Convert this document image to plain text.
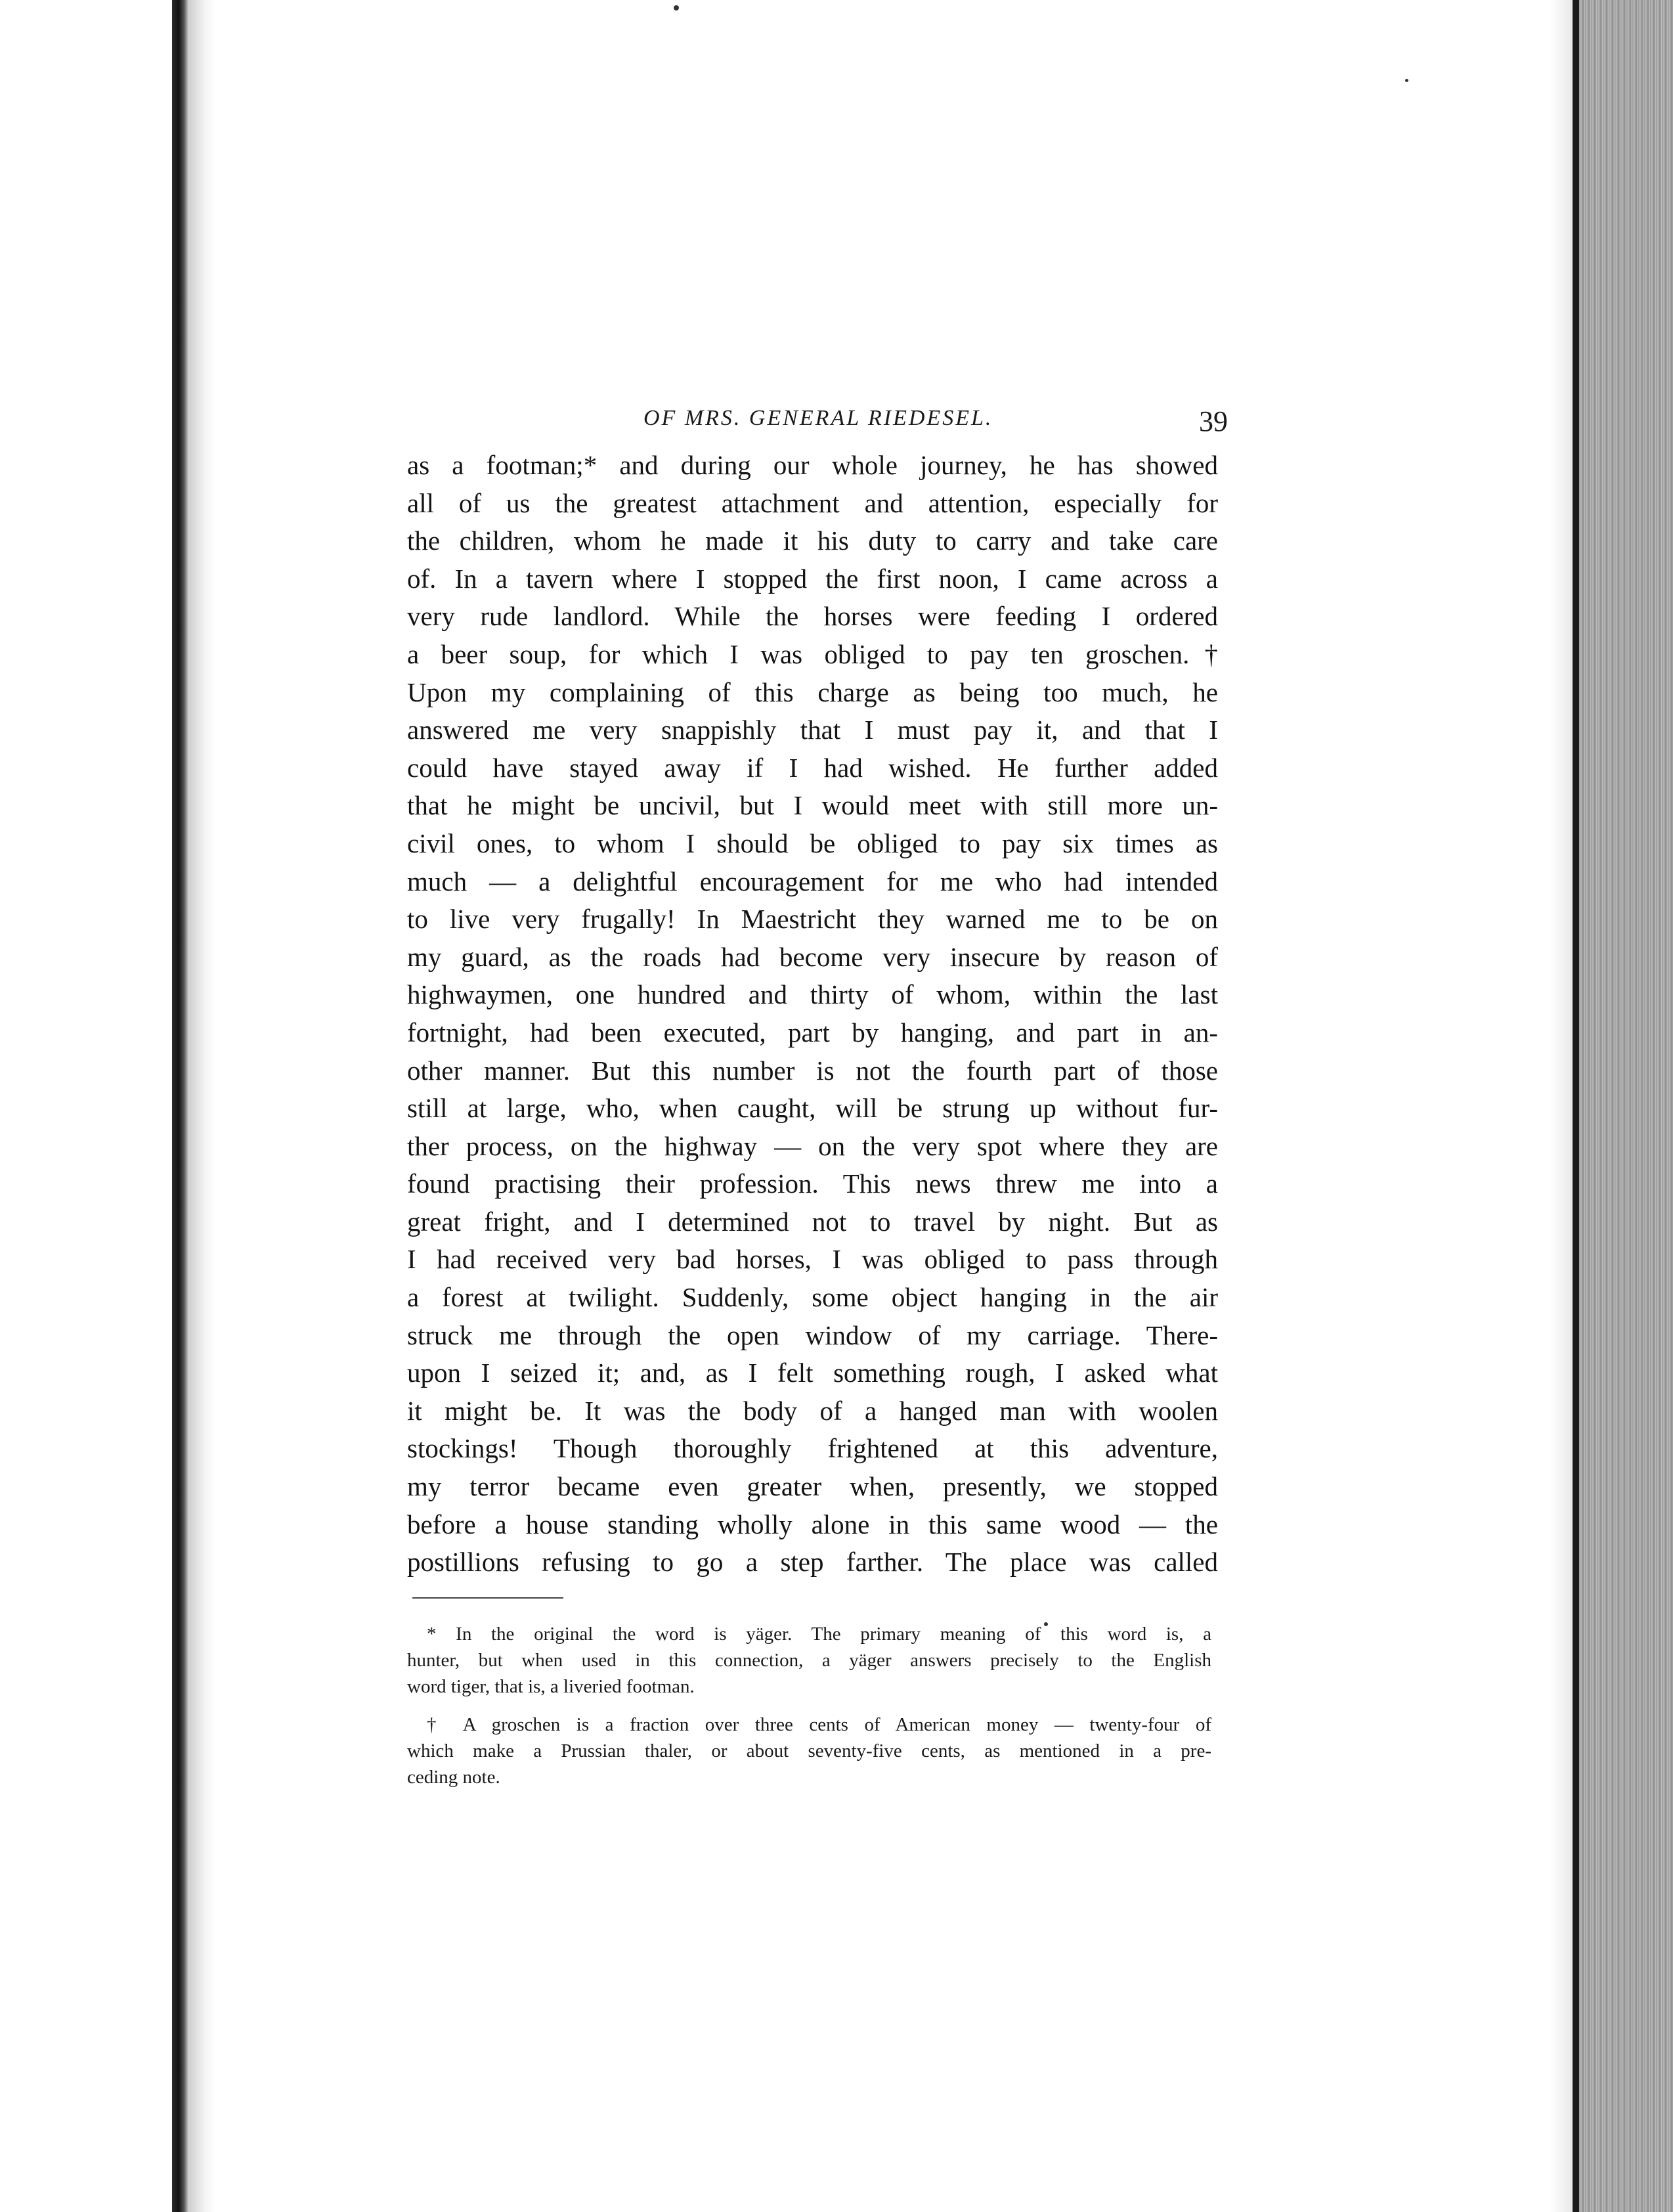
OF MRS. GENERAL RIEDESEL.	39
as a footman;* and during our whole journey, he has showed
all of us the greatest attachment and attention, especially for
the children, whom he made it his duty to carry and take care
of. In a tavern where I stopped the first noon, I came across a
very rude landlord. While the horses were feeding I ordered
a beer soup, for which I was obliged to pay ten groschen.†
Upon my complaining of this charge as being too much, he
answered me very snappishly that I must pay it, and that I
could have stayed away if I had wished. He further added
that he might be uncivil, but I would meet with still more un-
civil ones, to whom I should be obliged to pay six times as
much — a delightful encouragement for me who had intended
to live very frugally! In Maestricht they warned me to be on
my guard, as the roads had become very insecure by reason of
highwaymen, one hundred and thirty of whom, within the last
fortnight, had been executed, part by hanging, and part in an-
other manner. But this number is not the fourth part of those
still at large, who, when caught, will be strung up without fur-
ther process, on the highway — on the very spot where they are
found practising their profession. This news threw me into a
great fright, and I determined not to travel by night. But as
I had received very bad horses, I was obliged to pass through
a forest at twilight. Suddenly, some object hanging in the air
struck me through the open window of my carriage. There-
upon I seized it; and, as I felt something rough, I asked what
it might be. It was the body of a hanged man with woolen
stockings! Though thoroughly frightened at this adventure,
my terror became even greater when, presently, we stopped
before a house standing wholly alone in this same wood — the
postillions refusing to go a step farther. The place was called
* In the original the word is yäger. The primary meaning of this word is, a
hunter, but when used in this connection, a yäger answers precisely to the English
word tiger, that is, a liveried footman.
† A groschen is a fraction over three cents of American money — twenty-four of
which make a Prussian thaler, or about seventy-five cents, as mentioned in a pre-
ceding note.
